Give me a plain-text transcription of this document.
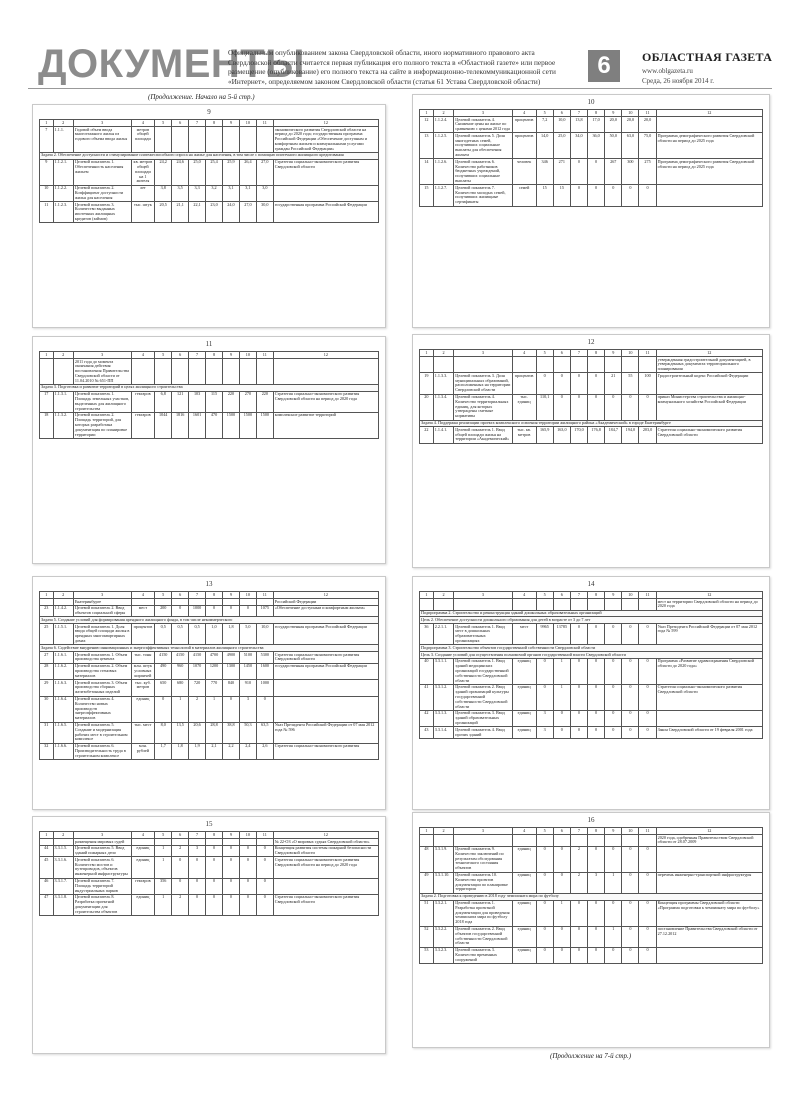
ДОКУМЕНТЫ
Официальным опубликованием закона Свердловской области, иного нормативного правового акта Свердловской области считается первая публикация его полного текста в «Областной газете» или первое размещение (опубликование) его полного текста на сайте в информационно-телекоммуникационной сети «Интернет», определяемом законом Свердловской области (статья 61 Устава Свердловской области)
6	ОБЛАСТНАЯ ГАЗЕТА
www.oblgazeta.ru
Среда, 26 ноября 2014 г.
(Продолжение. Начало на 5-й стр.)
9
1	2	3	4	5	6	7	8	9	10	11	12
7	1.1.1.	Годовой объем ввода многоэтажного жилья из годового объема ввода жилья	метров общей площади								экономического развития Свердловской области на период до 2020 года; государственная программа Российской Федерации «Обеспечение доступным и комфортным жильем и коммунальными услугами граждан Российской Федерации»
Задача 2. Обеспечение доступности и стимулирование платежеспособного спроса на жилье для населения, в том числе с помощью ипотечного жилищного кредитования											
9	1.1.2.1.	Целевой показатель 1. Обеспеченность населения жильем	кв. метров общей площади на 1 жителя	24,2	24,6	25,0	25,4	25,9	26,4	27,0	Стратегия социально-экономического развития Свердловской области
10	1.1.2.2.	Целевой показатель 2. Коэффициент доступности жилья для населения	лет	3,8	3,5	3,3	3,2	3,1	3,1	3,0	
11	1.1.2.3.	Целевой показатель 3. Количество выданных ипотечных жилищных кредитов (займов)	тыс. штук	20,5	21,1	22,1	23,0	24,0	27,0	30,0	государственная программа Российской Федерации
10
1	2	3	4	5	6	7	8	9	10	11	12
12	1.1.2.4.	Целевой показатель 4. Снижение цены на жилье по сравнению с ценами 2012 года	процентов	7,2	10,0	13,8	17,0	20,0	20,0	20,0	
13	1.1.2.5.	Целевой показатель 5. Доля многодетных семей, получивших социальные выплаты для обеспечения жильем	процентов	14,0	25,0	34,0	36,0	50,0	63,0	75,0	Программа демографического развития Свердловской области на период до 2025 года
14	1.1.2.6.	Целевой показатель 6. Количество работников бюджетных учреждений, получивших социальные выплаты	человек	346	271	0	0	267	300	275	Программа демографического развития Свердловской области на период до 2025 года
15	1.1.2.7.	Целевой показатель 7. Количество молодых семей, получивших жилищные сертификаты	семей	15	15	0	0	0	0	0	
11
1	2	3	4	5	6	7	8	9	10	11	12
		2011 года до момента окончания действия постановления Правительства Свердловской области от 11.04.2010 № 651-ПП									
Задача 3. Подготовка и развитие территорий в целях жилищного строительства											
17	1.1.3.1.	Целевой показатель 1. Площадь земельных участков, выделенных для жилищного строительства	гектаров	6,8	121	103	115	220	270	220	Стратегия социально-экономического развития Свердловской области на период до 2020 года
18	1.1.3.2.	Целевой показатель 2. Площадь территорий, для которых разработана документация по планировке территории	гектаров	1044	1816	1601	470	1500	1500	1500	комплексное развитие территорий
12
1	2	3	4	5	6	7	8	9	10	11	12
											утвержденная градостроительной документацией, в утвержденных документах территориального планирования
19	1.1.3.3.	Целевой показатель 3. Доля муниципальных образований, расположенных на территории Свердловской области	процентов	0	0	0	0	21	55	100	Градостроительный кодекс Российской Федерации
20	1.1.3.4.	Целевой показатель 4. Количество территориальных единиц, для которых утверждены сметные нормативы	тыс. единиц	110,1	0	0	0	0	0	0	приказ Министерства строительства и жилищно-коммунального хозяйства Российской Федерации
Задача 4. Поддержка реализации проекта комплексного освоения территории жилищного района «Академический» в городе Екатеринбурге											
22	1.1.4.1.	Целевой показатель 1. Ввод общей площади жилья на территории «Академический»	тыс. кв. метров	165,9	163,0	170,0	176,8	184,7	194,0	203,0	Стратегия социально-экономического развития Свердловской области
13
1	2	3	4	5	6	7	8	9	10	11	12
		Екатеринбурге									Российской Федерации
23	1.1.4.2.	Целевой показатель 2. Ввод объектов социальной сферы	мест	200	0	1000	0	0	0	1075	«Обеспечение доступным и комфортным жильем»
Задача 5. Создание условий для формирования арендного жилищного фонда, в том числе некоммерческого											
25	1.1.5.1.	Целевой показатель 1. Доля ввода общей площади жилья в арендных многоквартирных домах	процентов	0,5	0,5	0,5	1,0	1,8	5,0	10,0	государственная программа Российской Федерации
Задача 6. Содействие внедрению инновационных и энергоэффективных технологий в материалов жилищного строительства											
27	1.1.6.1.	Целевой показатель 1. Объем производства цемента	тыс. тонн	4150	4150	4150	4700	4900	5100	5300	Стратегия социально-экономического развития Свердловской области
28	1.1.6.2.	Целевой показатель 2. Объем производства стеновых материалов	млн. штук условных кирпичей	490	960	1070	1200	1300	1450	1600	государственная программа Российской Федерации
29	1.1.6.3.	Целевой показатель 3. Объем производства сборных железобетонных изделий	тыс. куб. метров	650	680	720	770	840	910	1000	
30	1.1.6.4.	Целевой показатель 4. Количество новых производств энергоэффективных материалов	единиц	0	1	2	1	0	3	0	
31	1.1.6.5.	Целевой показатель 5. Создание и модернизация рабочих мест в строительном комплексе	тыс. мест	8,0	13,5	20,6	28,8	38,8	50,3	63,5	Указ Президента Российской Федерации от 07 мая 2012 года № 596
32	1.1.6.6.	Целевой показатель 6. Производительность труда в строительном комплексе	млн. рублей	1,7	1,8	1,9	2,1	2,2	2,4	2,6	Стратегия социально-экономического развития
14
1	2	3	4	5	6	7	8	9	10	11	12
											мест на территории Свердловской области на период до 2020 года
Подпрограмма 2. Строительство и реконструкция зданий дошкольных образовательных организаций											
Цель 2. Обеспечение доступности дошкольного образования для детей в возрасте от 3 до 7 лет											
36	2.2.1.1.	Целевой показатель 1. Ввод мест в дошкольных образовательных организациях	мест	9965	13785	0	0	0	0	0	Указ Президента Российской Федерации от 07 мая 2012 года № 599
Подпрограмма 3. Строительство объектов государственной собственности Свердловской области											
Цель 3. Создание условий для осуществления полномочий органов государственной власти Свердловской области											
40	3.3.1.1.	Целевой показатель 1. Ввод зданий медицинских организаций государственной собственности Свердловской области	единиц	0	1	0	0	0	0	0	Программа «Развитие здравоохранения Свердловской области до 2020 года»
41	3.3.1.2.	Целевой показатель 2. Ввод зданий организаций культуры государственной собственности Свердловской области	единиц	0	1	0	0	0	0	0	Стратегия социально-экономического развития Свердловской области
42	3.3.1.3.	Целевой показатель 3. Ввод зданий образовательных организаций	единиц	3	0	0	0	0	0	0	
43	3.3.1.4.	Целевой показатель 4. Ввод прочих зданий	единиц	3	0	0	0	0	0	0	Закон Свердловской области от 19 февраля 2001 года
15
1	2	3	4	5	6	7	8	9	10	11	12
		размещения мировых судей									№ 22-ОЗ «О мировых судьях Свердловской области»
44	3.3.1.5.	Целевой показатель 5. Ввод зданий пожарных депо	единиц	1	2	3	0	0	0	0	Концепция развития системы пожарной безопасности Свердловской области
45	3.3.1.6.	Целевой показатель 6. Количество мостов и путепроводов, объектов инженерной инфраструктуры	единиц	1	0	0	0	0	0	0	Стратегия социально-экономического развития Свердловской области на период до 2020 года
46	3.3.1.7.	Целевой показатель 7. Площадь территорий индустриальных парков	гектаров	356	0	0	0	0	0	0	
47	3.3.1.8.	Целевой показатель 8. Разработка проектной документации для строительства объектов	единиц	1	2	0	0	0	0	0	Стратегия социально-экономического развития Свердловской области
16
1	2	3	4	5	6	7	8	9	10	11	12
											2020 года, одобренная Правительством Свердловской области от 28.07.2009
48	3.3.1.9.	Целевой показатель 9. Количество заключений по результатам обследования технического состояния объектов	единиц	0	0	2	0	0	0	0	
49	3.3.1.10.	Целевой показатель 10. Количество проектов документации по планировке территории	единиц	0	0	2	3	1	0	0	перечень инженерно-транспортной инфраструктуры
Задача 2. Подготовка к проведению в 2018 году чемпионата мира по футболу											
51	3.3.2.1.	Целевой показатель 1. Разработка проектной документации для проведения чемпионата мира по футболу 2018 года	единиц	0	1	0	0	0	0	0	Концепция программы Свердловской области «Программа подготовки к чемпионату мира по футболу»
52	3.3.2.2.	Целевой показатель 2. Ввод объектов государственной собственности Свердловской области	единиц	0	0	0	0	1	0	0	постановление Правительства Свердловской области от 27.12.2012
53	3.3.2.3.	Целевой показатель 3. Количество временных сооружений	единиц	0	0	0	0	0	0	0	
(Продолжение на 7-й стр.)
